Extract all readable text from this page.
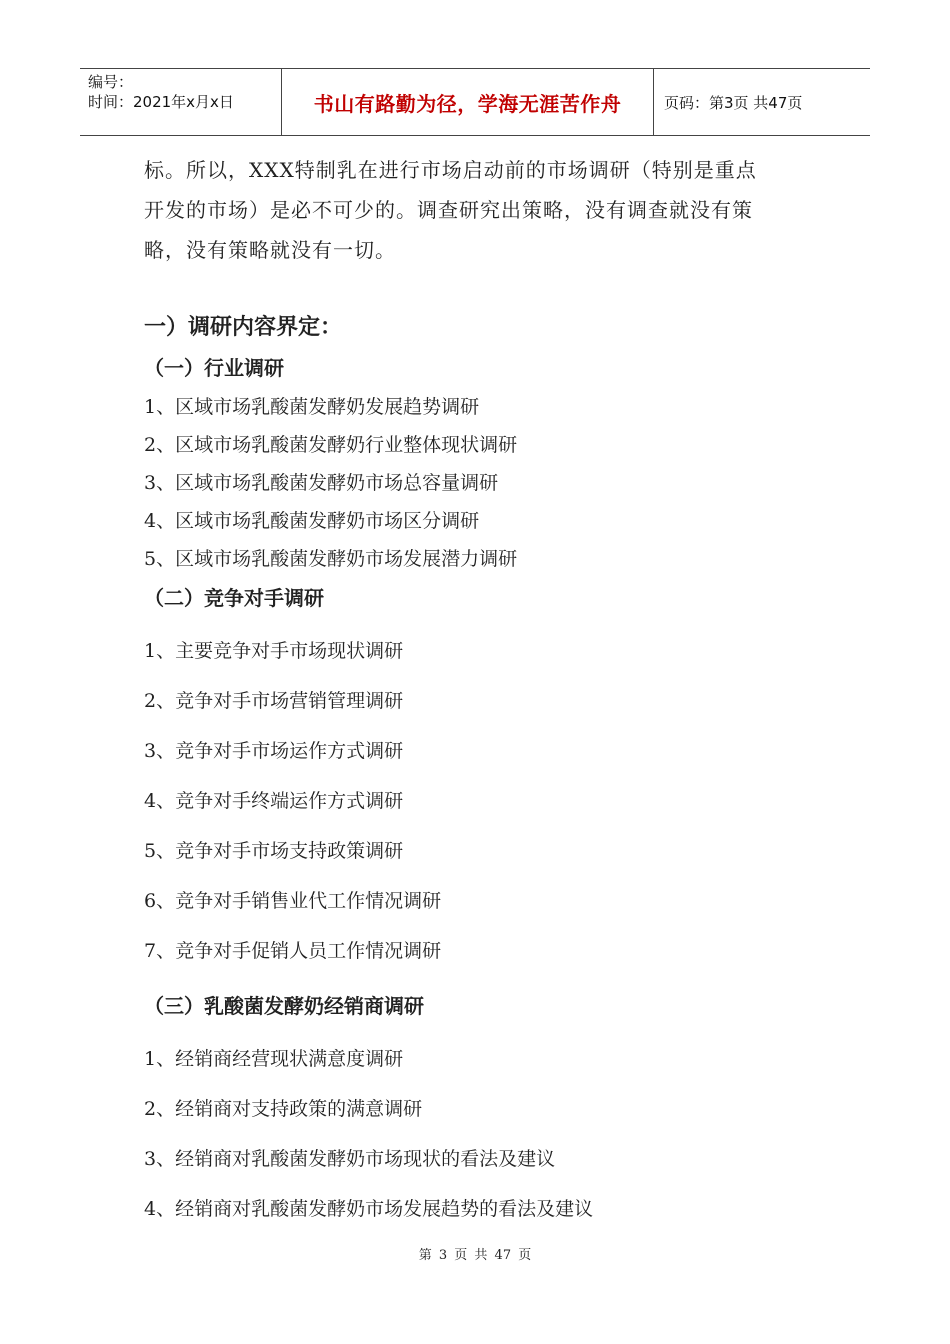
编号：
时间：2021年x月x日	书山有路勤为径，学海无涯苦作舟	页码：第3页 共47页

标。所以，XXX特制乳在进行市场启动前的市场调研（特别是重点

开发的市场）是必不可少的。调查研究出策略，没有调查就没有策

略，没有策略就没有一切。

一）调研内容界定：
（一）行业调研

1、区域市场乳酸菌发酵奶发展趋势调研

2、区域市场乳酸菌发酵奶行业整体现状调研

3、区域市场乳酸菌发酵奶市场总容量调研

4、区域市场乳酸菌发酵奶市场区分调研

5、区域市场乳酸菌发酵奶市场发展潜力调研

（二）竞争对手调研

1、主要竞争对手市场现状调研

2、竞争对手市场营销管理调研

3、竞争对手市场运作方式调研

4、竞争对手终端运作方式调研

5、竞争对手市场支持政策调研

6、竞争对手销售业代工作情况调研

7、竞争对手促销人员工作情况调研

（三）乳酸菌发酵奶经销商调研

1、经销商经营现状满意度调研

2、经销商对支持政策的满意调研

3、经销商对乳酸菌发酵奶市场现状的看法及建议

4、经销商对乳酸菌发酵奶市场发展趋势的看法及建议

第 3 页 共 47 页
